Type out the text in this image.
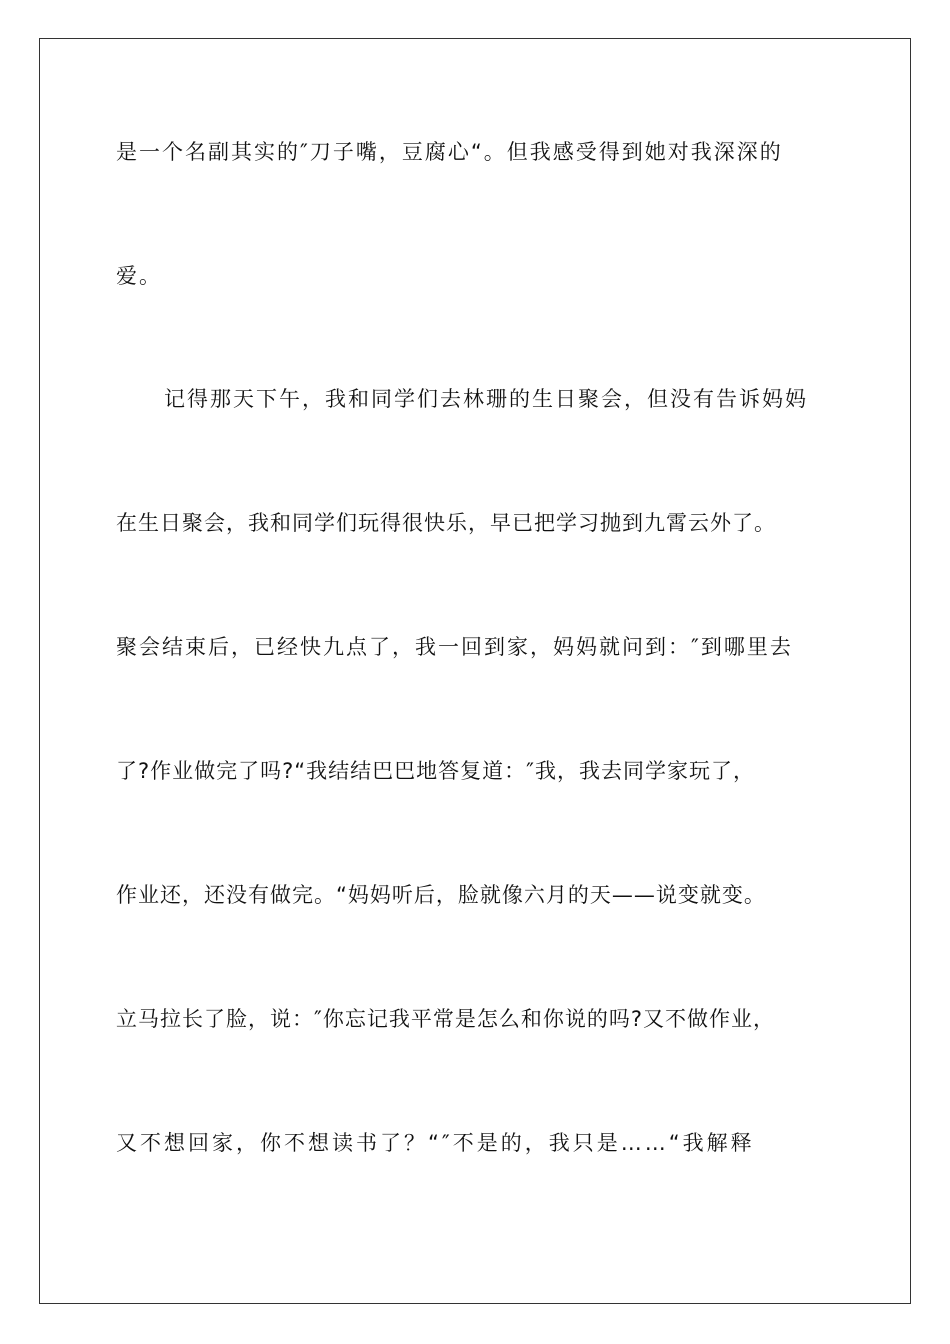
是一个名副其实的″刀子嘴，豆腐心“。但我感受得到她对我深深的
爱。
记得那天下午，我和同学们去林珊的生日聚会，但没有告诉妈妈
在生日聚会，我和同学们玩得很快乐，早已把学习抛到九霄云外了。
聚会结束后，已经快九点了，我一回到家，妈妈就问到：″到哪里去
了?作业做完了吗?“我结结巴巴地答复道：″我，我去同学家玩了，
作业还，还没有做完。“妈妈听后，脸就像六月的天——说变就变。
立马拉长了脸，说：″你忘记我平常是怎么和你说的吗?又不做作业，
又不想回家，你不想读书了？“″不是的，我只是……“我解释
